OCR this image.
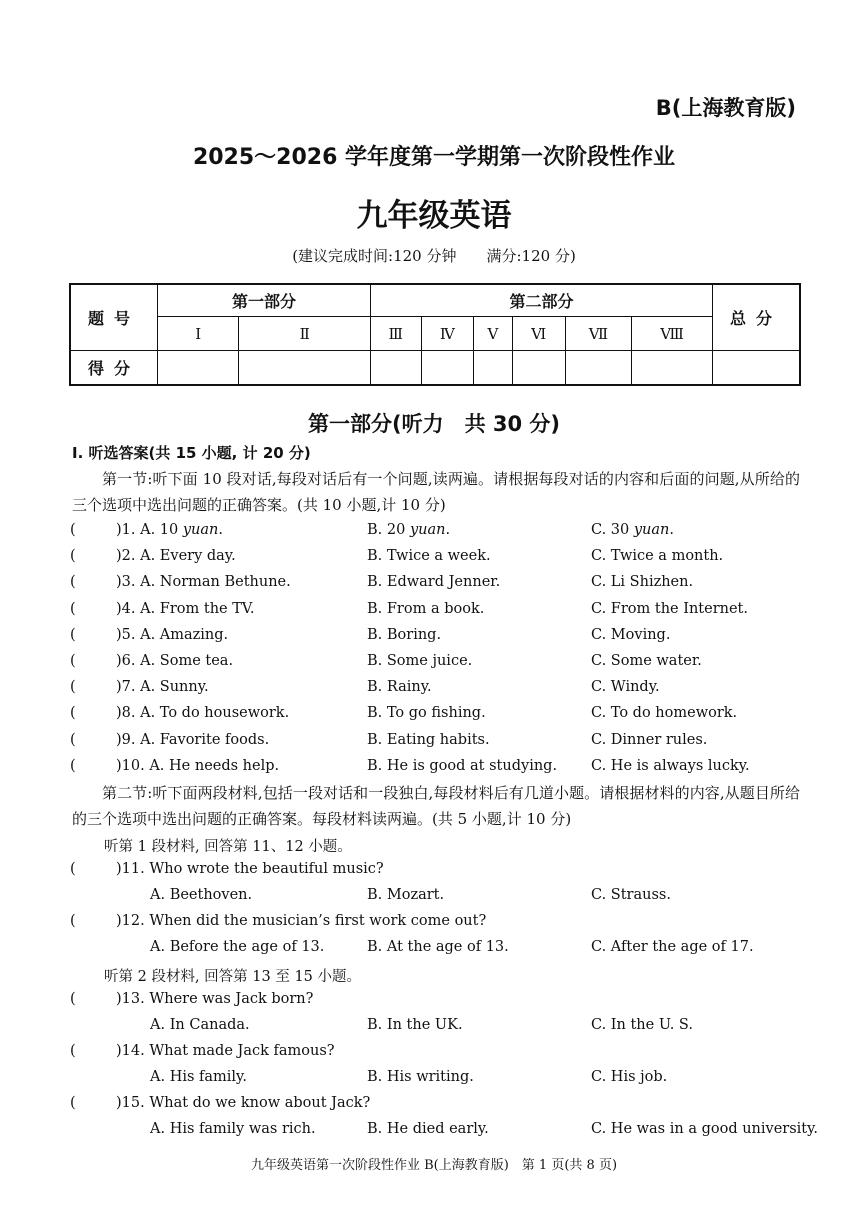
B(上海教育版)
2025～2026 学年度第一学期第一次阶段性作业
九年级英语
(建议完成时间:120 分钟　　满分:120 分)
题号	第一部分		第二部分						总分
	Ⅰ	Ⅱ	Ⅲ	Ⅳ	Ⅴ	Ⅵ	Ⅶ	Ⅷ	
得分									
第一部分(听力　共 30 分)
Ⅰ. 听选答案(共 15 小题, 计 20 分)
第一节:听下面 10 段对话,每段对话后有一个问题,读两遍。请根据每段对话的内容和后面的问题,从所给的三个选项中选出问题的正确答案。(共 10 小题,计 10 分)
(	)1. A. 10 yuan.	B. 20 yuan.	C. 30 yuan.
(	)2. A. Every day.	B. Twice a week.	C. Twice a month.
(	)3. A. Norman Bethune.	B. Edward Jenner.	C. Li Shizhen.
(	)4. A. From the TV.	B. From a book.	C. From the Internet.
(	)5. A. Amazing.	B. Boring.	C. Moving.
(	)6. A. Some tea.	B. Some juice.	C. Some water.
(	)7. A. Sunny.	B. Rainy.	C. Windy.
(	)8. A. To do housework.	B. To go fishing.	C. To do homework.
(	)9. A. Favorite foods.	B. Eating habits.	C. Dinner rules.
(	)10. A. He needs help.	B. He is good at studying. C. He is always lucky.
第二节:听下面两段材料,包括一段对话和一段独白,每段材料后有几道小题。请根据材料的内容,从题目所给的三个选项中选出问题的正确答案。每段材料读两遍。(共 5 小题,计 10 分)
听第 1 段材料, 回答第 11、12 小题。
听第 2 段材料, 回答第 13 至 15 小题。
(	)11. Who wrote the beautiful music?
A. Beethoven.	B. Mozart.	C. Strauss.
(	)12. When did the musician’s first work come out?
A. Before the age of 13.	B. At the age of 13.	C. After the age of 17.
(	)13. Where was Jack born?
A. In Canada.	B. In the UK.	C. In the U. S.
(	)14. What made Jack famous?
A. His family.	B. His writing.	C. His job.
(	)15. What do we know about Jack?
A. His family was rich.	B. He died early.	C. He was in a good university.
九年级英语第一次阶段性作业 B(上海教育版)　第 1 页(共 8 页)
